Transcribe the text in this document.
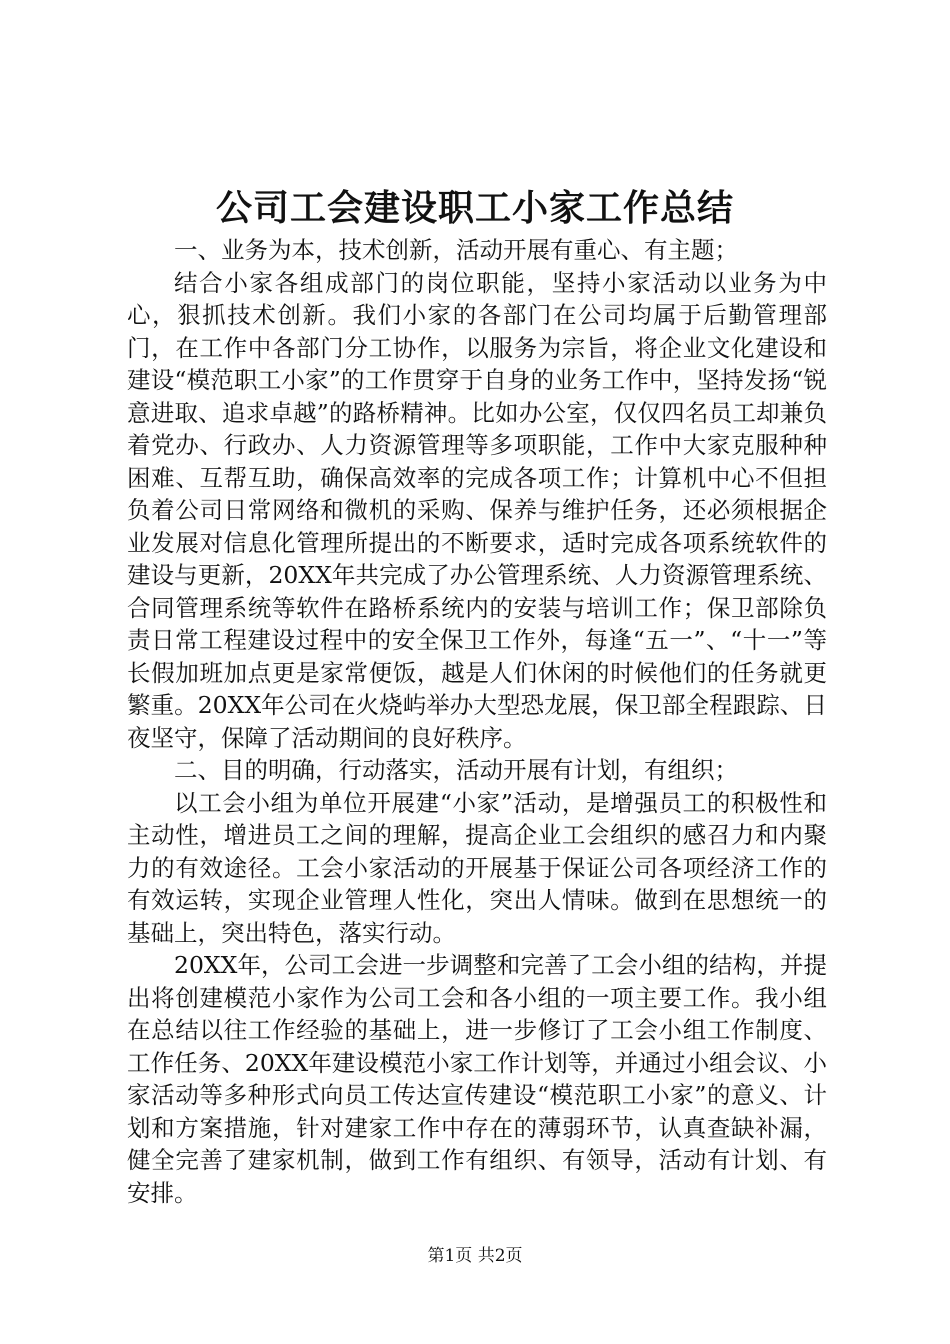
公司工会建设职工小家工作总结

一、业务为本，技术创新，活动开展有重心、有主题；

结合小家各组成部门的岗位职能，坚持小家活动以业务为中心，狠抓技术创新。我们小家的各部门在公司均属于后勤管理部门，在工作中各部门分工协作，以服务为宗旨，将企业文化建设和建设“模范职工小家”的工作贯穿于自身的业务工作中，坚持发扬“锐意进取、追求卓越”的路桥精神。比如办公室，仅仅四名员工却兼负着党办、行政办、人力资源管理等多项职能，工作中大家克服种种困难、互帮互助，确保高效率的完成各项工作；计算机中心不但担负着公司日常网络和微机的采购、保养与维护任务，还必须根据企业发展对信息化管理所提出的不断要求，适时完成各项系统软件的建设与更新，20XX年共完成了办公管理系统、人力资源管理系统、合同管理系统等软件在路桥系统内的安装与培训工作；保卫部除负责日常工程建设过程中的安全保卫工作外，每逢“五一”、“十一”等长假加班加点更是家常便饭，越是人们休闲的时候他们的任务就更繁重。20XX年公司在火烧屿举办大型恐龙展，保卫部全程跟踪、日夜坚守，保障了活动期间的良好秩序。

二、目的明确，行动落实，活动开展有计划，有组织；

以工会小组为单位开展建“小家”活动，是增强员工的积极性和主动性，增进员工之间的理解，提高企业工会组织的感召力和内聚力的有效途径。工会小家活动的开展基于保证公司各项经济工作的有效运转，实现企业管理人性化，突出人情味。做到在思想统一的基础上，突出特色，落实行动。

20XX年，公司工会进一步调整和完善了工会小组的结构，并提出将创建模范小家作为公司工会和各小组的一项主要工作。我小组在总结以往工作经验的基础上，进一步修订了工会小组工作制度、工作任务、20XX年建设模范小家工作计划等，并通过小组会议、小家活动等多种形式向员工传达宣传建设“模范职工小家”的意义、计划和方案措施，针对建家工作中存在的薄弱环节，认真查缺补漏，健全完善了建家机制，做到工作有组织、有领导，活动有计划、有安排。

第1页 共2页
